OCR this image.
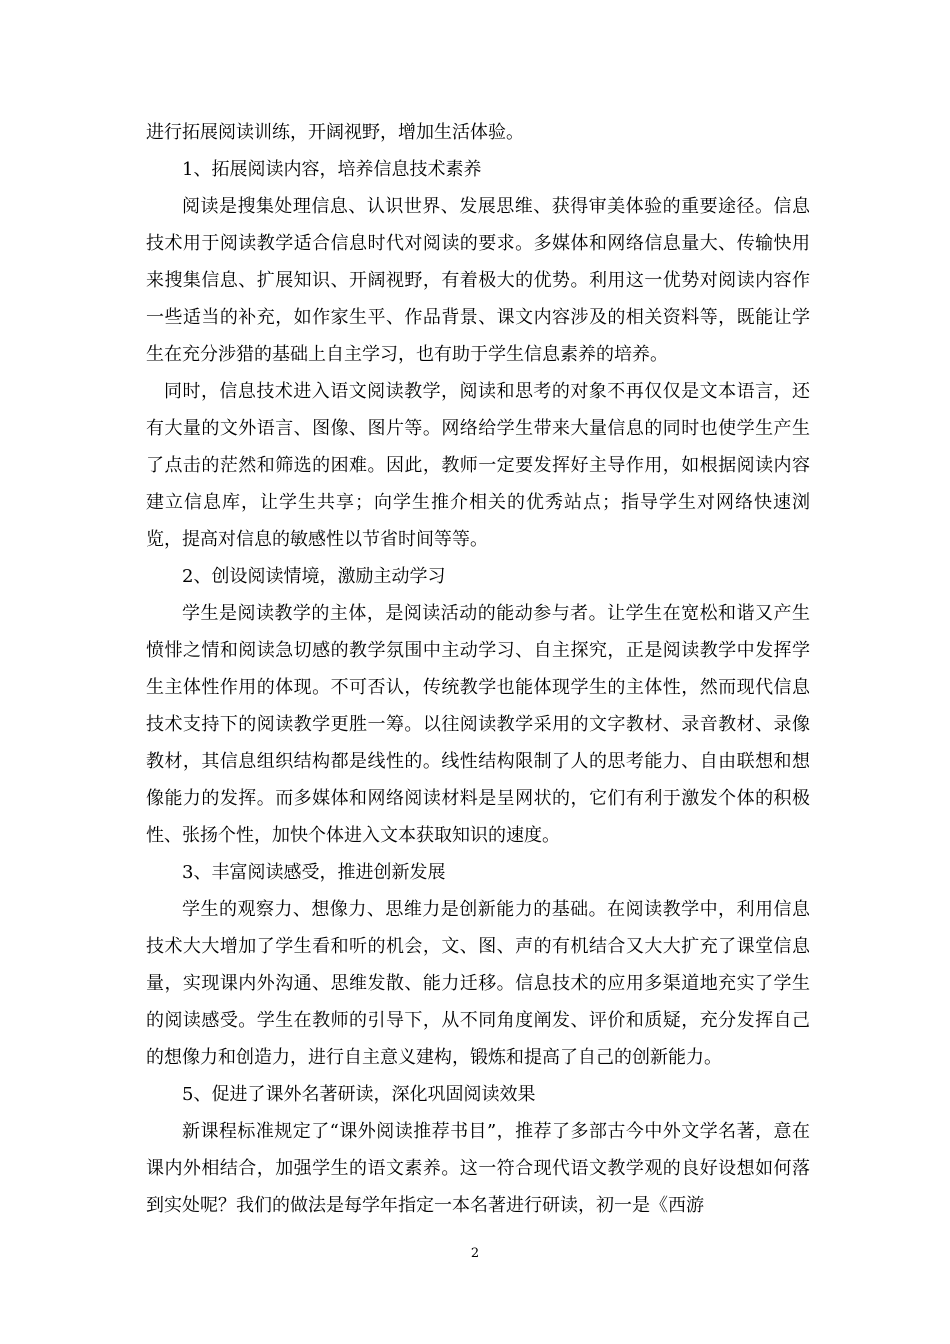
进行拓展阅读训练，开阔视野，增加生活体验。

1、拓展阅读内容，培养信息技术素养

阅读是搜集处理信息、认识世界、发展思维、获得审美体验的重要途径。信息技术用于阅读教学适合信息时代对阅读的要求。多媒体和网络信息量大、传输快用来搜集信息、扩展知识、开阔视野，有着极大的优势。利用这一优势对阅读内容作一些适当的补充，如作家生平、作品背景、课文内容涉及的相关资料等，既能让学生在充分涉猎的基础上自主学习，也有助于学生信息素养的培养。

同时，信息技术进入语文阅读教学，阅读和思考的对象不再仅仅是文本语言，还有大量的文外语言、图像、图片等。网络给学生带来大量信息的同时也使学生产生了点击的茫然和筛选的困难。因此，教师一定要发挥好主导作用，如根据阅读内容建立信息库，让学生共享；向学生推介相关的优秀站点；指导学生对网络快速浏览，提高对信息的敏感性以节省时间等等。

2、创设阅读情境，激励主动学习

学生是阅读教学的主体，是阅读活动的能动参与者。让学生在宽松和谐又产生愤悱之情和阅读急切感的教学氛围中主动学习、自主探究，正是阅读教学中发挥学生主体性作用的体现。不可否认，传统教学也能体现学生的主体性，然而现代信息技术支持下的阅读教学更胜一筹。以往阅读教学采用的文字教材、录音教材、录像教材，其信息组织结构都是线性的。线性结构限制了人的思考能力、自由联想和想像能力的发挥。而多媒体和网络阅读材料是呈网状的，它们有利于激发个体的积极性、张扬个性，加快个体进入文本获取知识的速度。

3、丰富阅读感受，推进创新发展

学生的观察力、想像力、思维力是创新能力的基础。在阅读教学中，利用信息技术大大增加了学生看和听的机会，文、图、声的有机结合又大大扩充了课堂信息量，实现课内外沟通、思维发散、能力迁移。信息技术的应用多渠道地充实了学生的阅读感受。学生在教师的引导下，从不同角度阐发、评价和质疑，充分发挥自己的想像力和创造力，进行自主意义建构，锻炼和提高了自己的创新能力。

5、促进了课外名著研读，深化巩固阅读效果

新课程标准规定了“课外阅读推荐书目”，推荐了多部古今中外文学名著，意在课内外相结合，加强学生的语文素养。这一符合现代语文教学观的良好设想如何落到实处呢？我们的做法是每学年指定一本名著进行研读，初一是《西游

2
